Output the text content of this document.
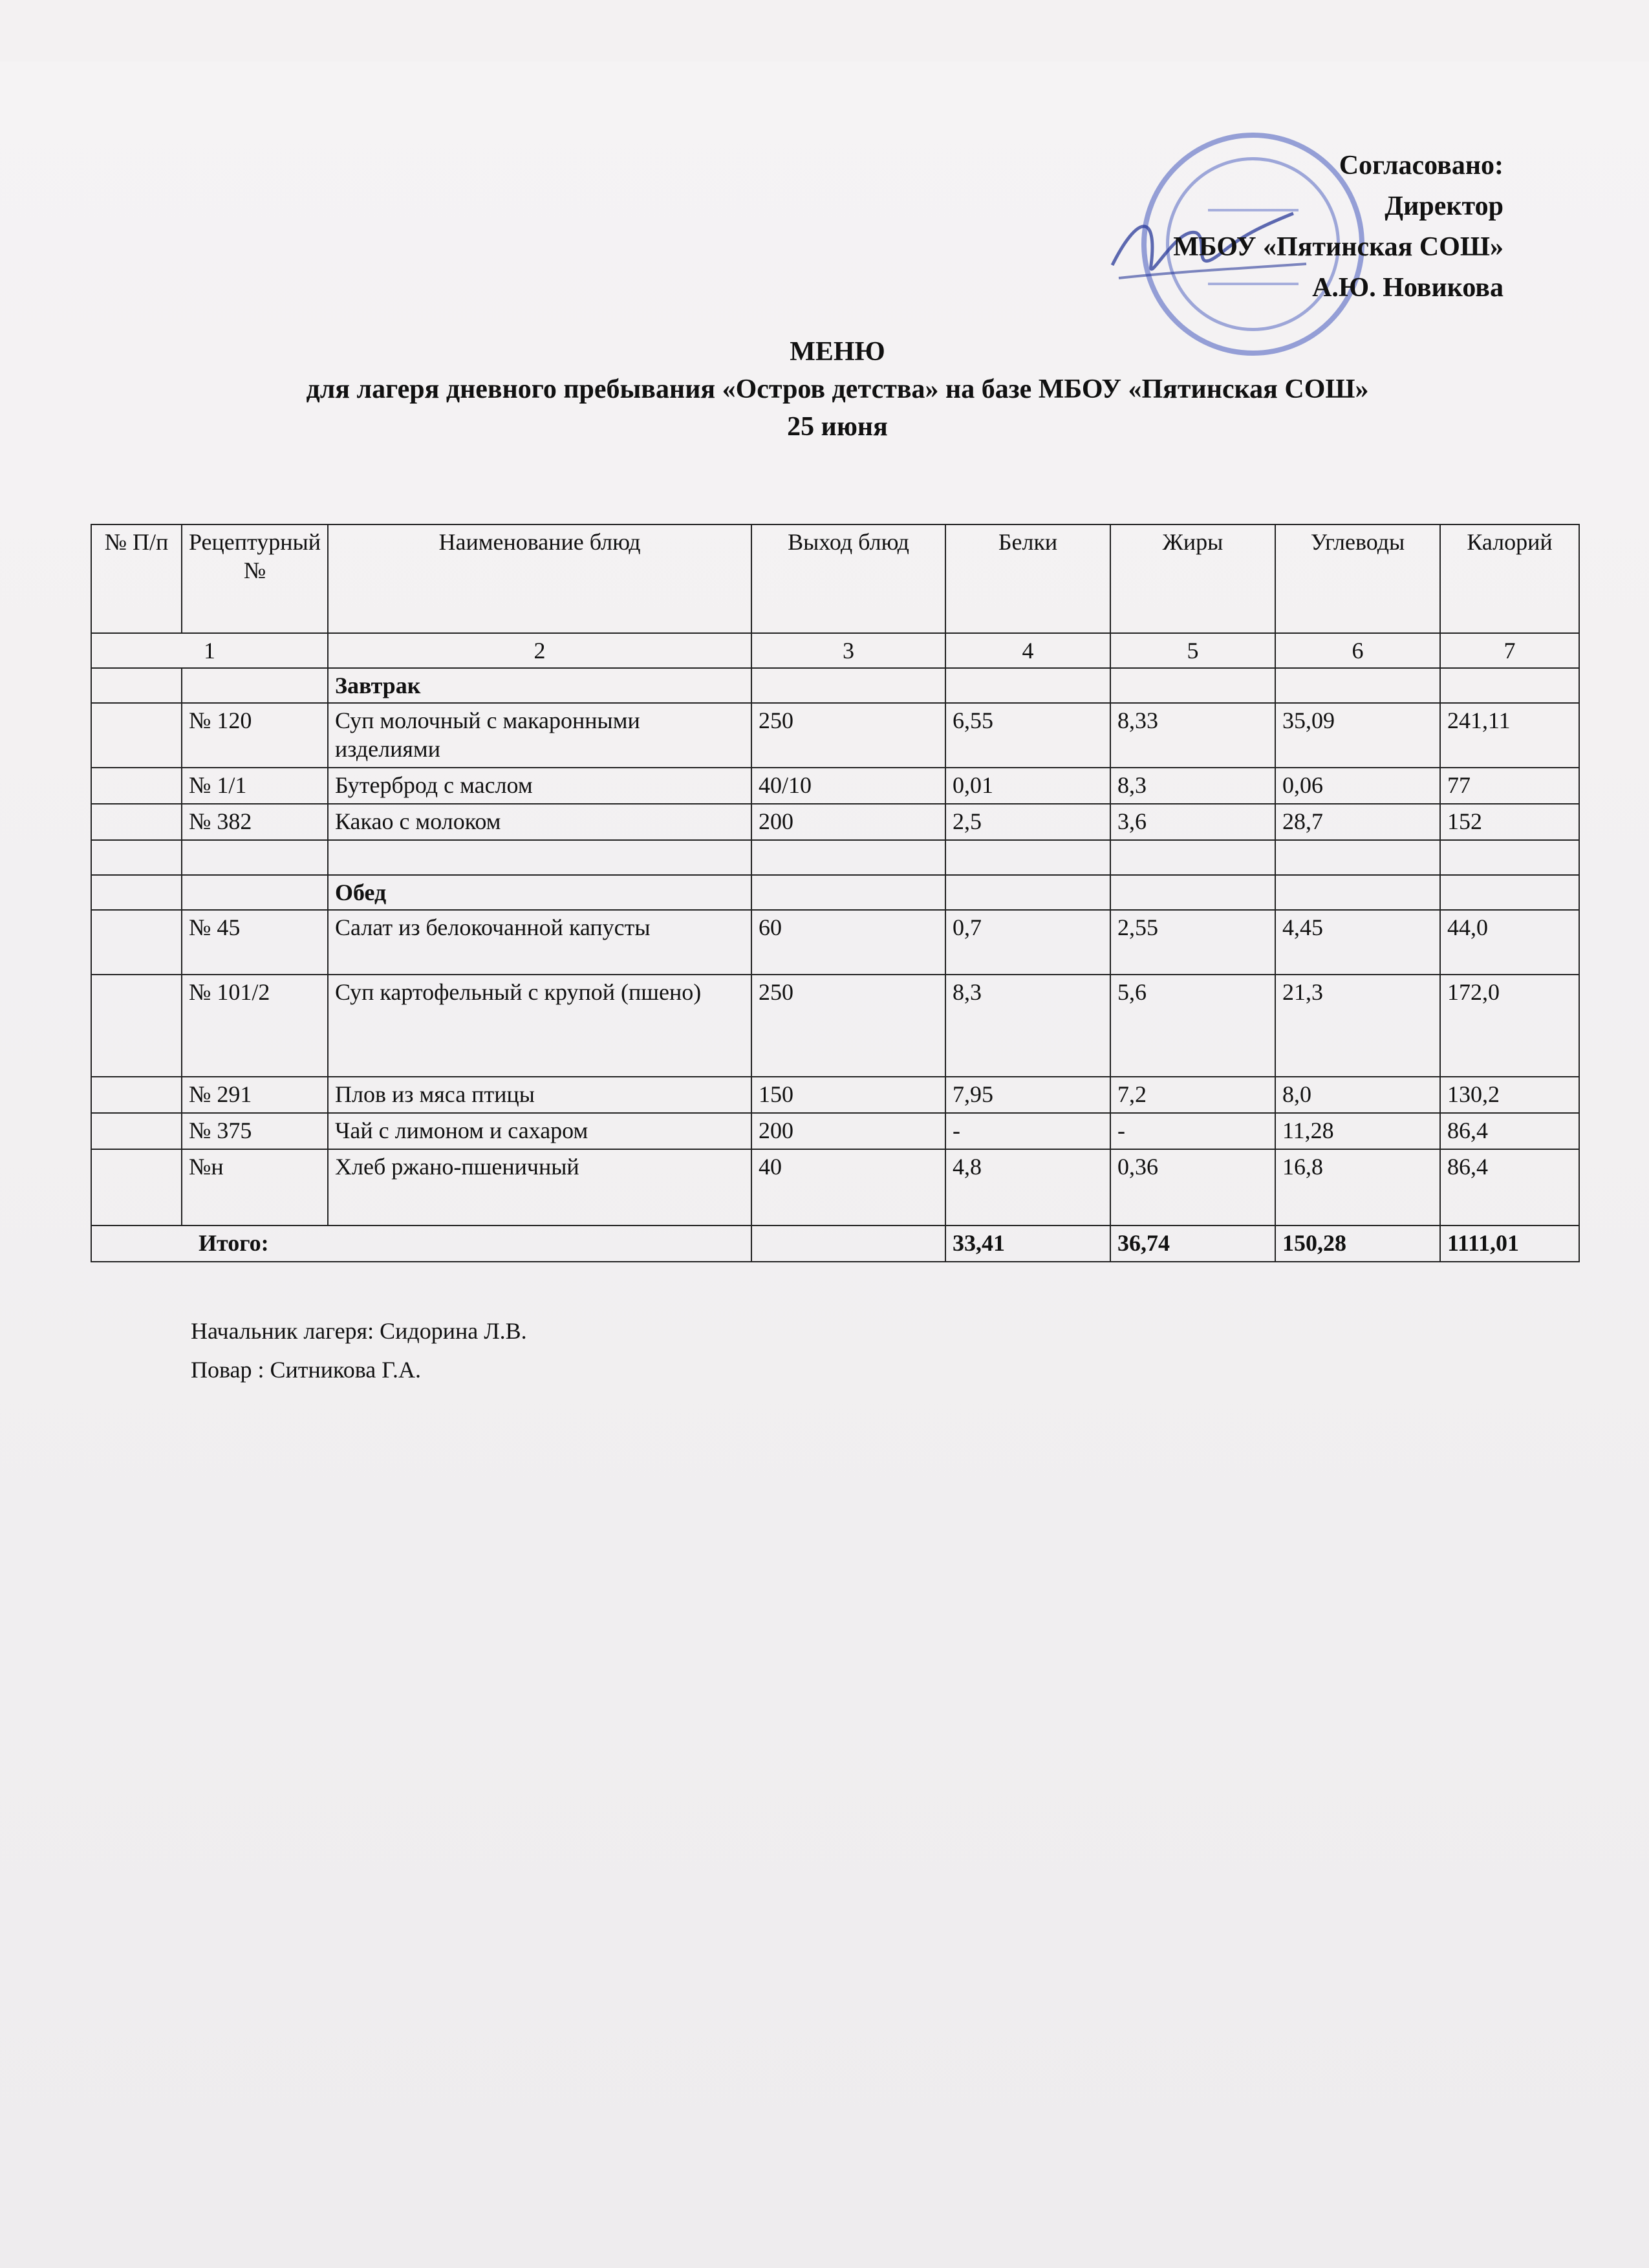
Согласовано:
Директор
МБОУ «Пятинская СОШ»
А.Ю. Новикова
МЕНЮ
для лагеря дневного пребывания «Остров детства» на базе МБОУ «Пятинская СОШ»
25 июня
№ П/п	Рецептурный №	Наименование блюд	Выход блюд	Белки	Жиры	Углеводы	Калорий
1		2	3	4	5	6	7
		Завтрак					
	№ 120	Суп молочный с макаронными изделиями	250	6,55	8,33	35,09	241,11
	№ 1/1	Бутерброд с маслом	40/10	0,01	8,3	0,06	77
	№ 382	Какао с молоком	200	2,5	3,6	28,7	152

		Обед					
	№ 45	Салат из белокочанной капусты	60	0,7	2,55	4,45	44,0
	№ 101/2	Суп картофельный с крупой (пшено)	250	8,3	5,6	21,3	172,0
	№ 291	Плов из мяса птицы	150	7,95	7,2	8,0	130,2
	№ 375	Чай с лимоном и сахаром	200	-	-	11,28	86,4
	№н	Хлеб ржано-пшеничный	40	4,8	0,36	16,8	86,4
Итого:				33,41	36,74	150,28	1111,01
Начальник лагеря: Сидорина Л.В.
Повар : Ситникова Г.А.
